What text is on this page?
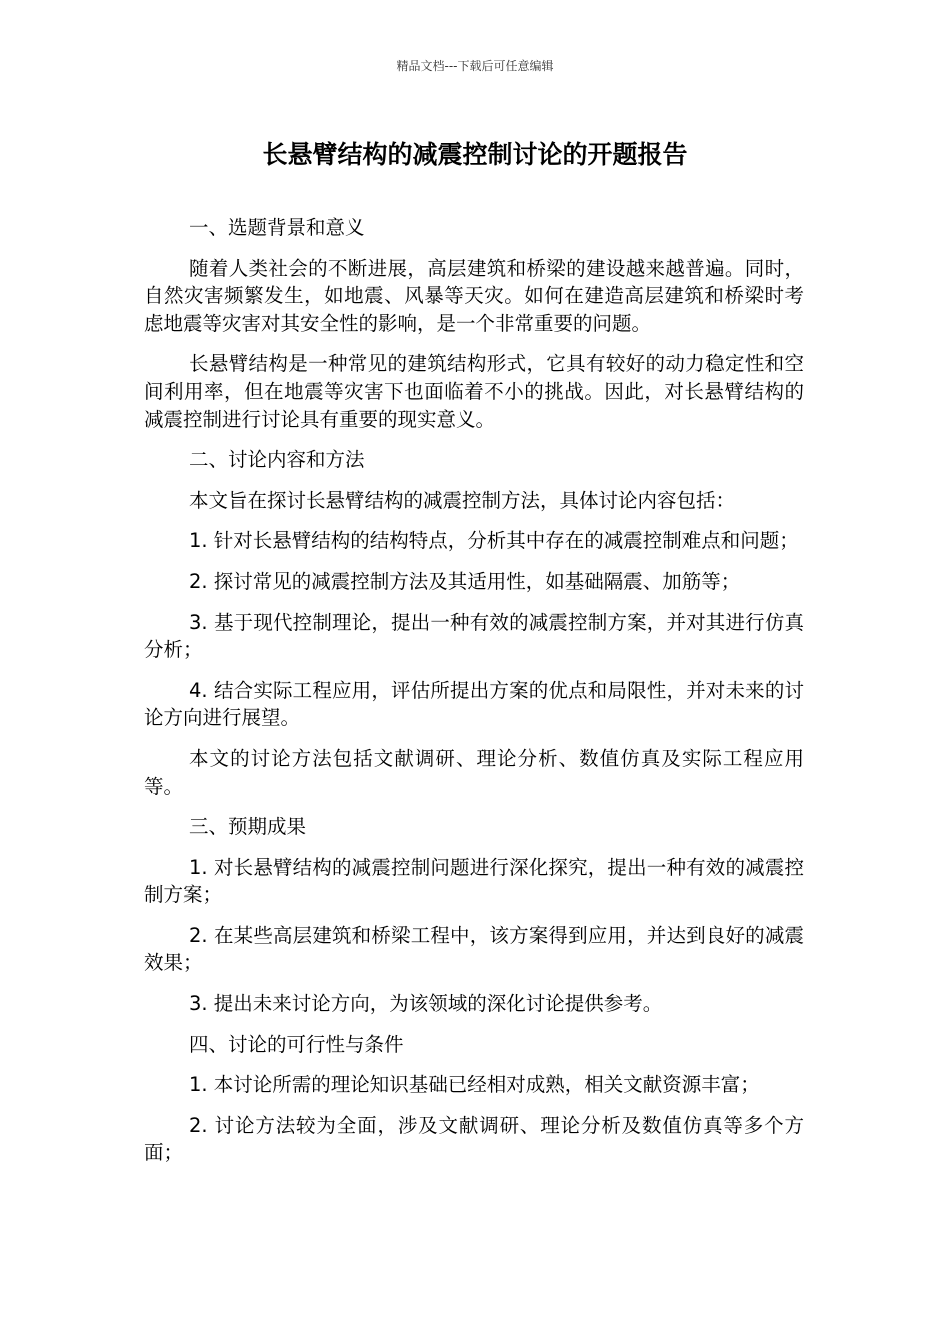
精品文档---下载后可任意编辑
长悬臂结构的减震控制讨论的开题报告

一、选题背景和意义

随着人类社会的不断进展，高层建筑和桥梁的建设越来越普遍。同时，自然灾害频繁发生，如地震、风暴等天灾。如何在建造高层建筑和桥梁时考虑地震等灾害对其安全性的影响，是一个非常重要的问题。

长悬臂结构是一种常见的建筑结构形式，它具有较好的动力稳定性和空间利用率，但在地震等灾害下也面临着不小的挑战。因此，对长悬臂结构的减震控制进行讨论具有重要的现实意义。

二、讨论内容和方法

本文旨在探讨长悬臂结构的减震控制方法，具体讨论内容包括：

1. 针对长悬臂结构的结构特点，分析其中存在的减震控制难点和问题；

2. 探讨常见的减震控制方法及其适用性，如基础隔震、加筋等；

3. 基于现代控制理论，提出一种有效的减震控制方案，并对其进行仿真分析；

4. 结合实际工程应用，评估所提出方案的优点和局限性，并对未来的讨论方向进行展望。

本文的讨论方法包括文献调研、理论分析、数值仿真及实际工程应用等。

三、预期成果

1. 对长悬臂结构的减震控制问题进行深化探究，提出一种有效的减震控制方案；

2. 在某些高层建筑和桥梁工程中，该方案得到应用，并达到良好的减震效果；

3. 提出未来讨论方向，为该领域的深化讨论提供参考。

四、讨论的可行性与条件

1. 本讨论所需的理论知识基础已经相对成熟，相关文献资源丰富；

2. 讨论方法较为全面，涉及文献调研、理论分析及数值仿真等多个方面；
